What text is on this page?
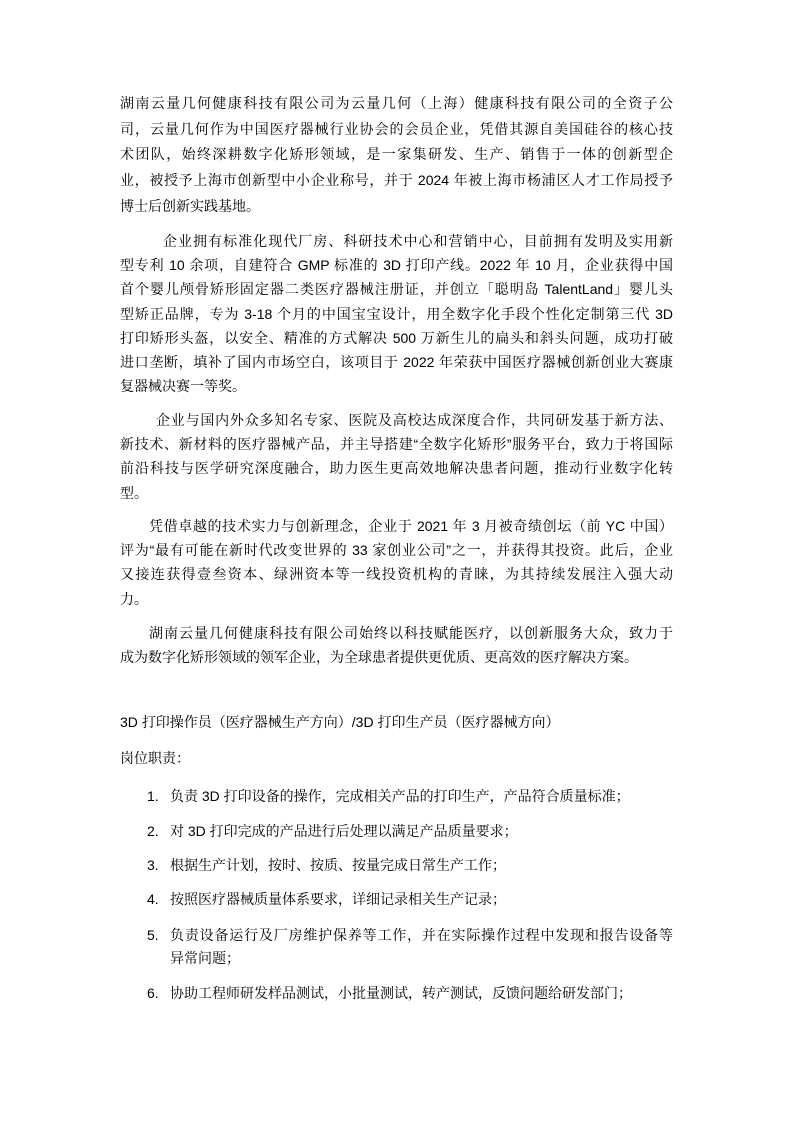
湖南云量几何健康科技有限公司为云量几何（上海）健康科技有限公司的全资子公
司，云量几何作为中国医疗器械行业协会的会员企业，凭借其源自美国硅谷的核心技
术团队，始终深耕数字化矫形领域，是一家集研发、生产、销售于一体的创新型企
业，被授予上海市创新型中小企业称号，并于 2024 年被上海市杨浦区人才工作局授予
博士后创新实践基地。
企业拥有标准化现代厂房、科研技术中心和营销中心，目前拥有发明及实用新
型专利 10 余项，自建符合 GMP 标准的 3D 打印产线。2022 年 10 月，企业获得中国
首个婴儿颅骨矫形固定器二类医疗器械注册证，并创立「聪明岛 TalentLand」婴儿头
型矫正品牌，专为 3-18 个月的中国宝宝设计，用全数字化手段个性化定制第三代 3D
打印矫形头盔，以安全、精准的方式解决 500 万新生儿的扁头和斜头问题，成功打破
进口垄断，填补了国内市场空白，该项目于 2022 年荣获中国医疗器械创新创业大赛康
复器械决赛一等奖。
企业与国内外众多知名专家、医院及高校达成深度合作，共同研发基于新方法、
新技术、新材料的医疗器械产品，并主导搭建“全数字化矫形”服务平台，致力于将国际
前沿科技与医学研究深度融合，助力医生更高效地解决患者问题，推动行业数字化转
型。
凭借卓越的技术实力与创新理念，企业于 2021 年 3 月被奇绩创坛（前 YC 中国）
评为“最有可能在新时代改变世界的 33 家创业公司”之一，并获得其投资。此后，企业
又接连获得壹叁资本、绿洲资本等一线投资机构的青睐，为其持续发展注入强大动
力。
湖南云量几何健康科技有限公司始终以科技赋能医疗，以创新服务大众，致力于
成为数字化矫形领域的领军企业，为全球患者提供更优质、更高效的医疗解决方案。
3D 打印操作员（医疗器械生产方向）/3D 打印生产员（医疗器械方向）
岗位职责：
1. 负责 3D 打印设备的操作，完成相关产品的打印生产，产品符合质量标准；
2. 对 3D 打印完成的产品进行后处理以满足产品质量要求；
3. 根据生产计划，按时、按质、按量完成日常生产工作；
4. 按照医疗器械质量体系要求，详细记录相关生产记录；
5. 负责设备运行及厂房维护保养等工作，并在实际操作过程中发现和报告设备等
异常问题；
6. 协助工程师研发样品测试，小批量测试，转产测试，反馈问题给研发部门；
